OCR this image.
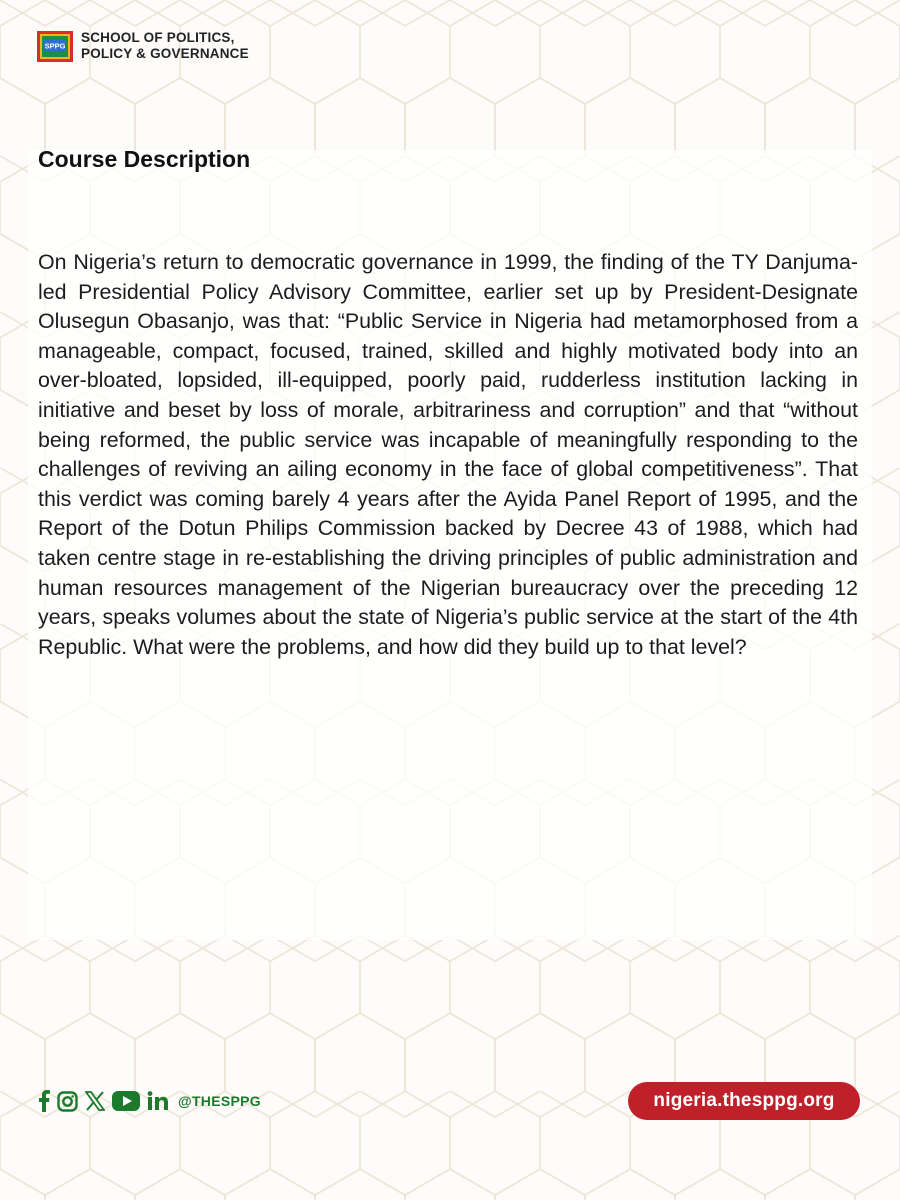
SPPG
SCHOOL OF POLITICS,
POLICY & GOVERNANCE
Course Description

On Nigeria’s return to democratic governance in 1999, the finding of the TY Danjuma-led Presidential Policy Advisory Committee, earlier set up by President-Designate Olusegun Obasanjo, was that: “Public Service in Nigeria had metamorphosed from a manageable, compact, focused, trained, skilled and highly motivated body into an over-bloated, lopsided, ill-equipped, poorly paid, rudderless institution lacking in initiative and beset by loss of morale, arbitrariness and corruption” and that “without being reformed, the public service was incapable of meaningfully responding to the challenges of reviving an ailing economy in the face of global competitiveness”. That this verdict was coming barely 4 years after the Ayida Panel Report of 1995, and the Report of the Dotun Philips Commission backed by Decree 43 of 1988, which had taken centre stage in re-establishing the driving principles of public administration and human resources management of the Nigerian bureaucracy over the preceding 12 years, speaks volumes about the state of Nigeria’s public service at the start of the 4th Republic. What were the problems, and how did they build up to that level?

@THESPPG	nigeria.thesppg.org
